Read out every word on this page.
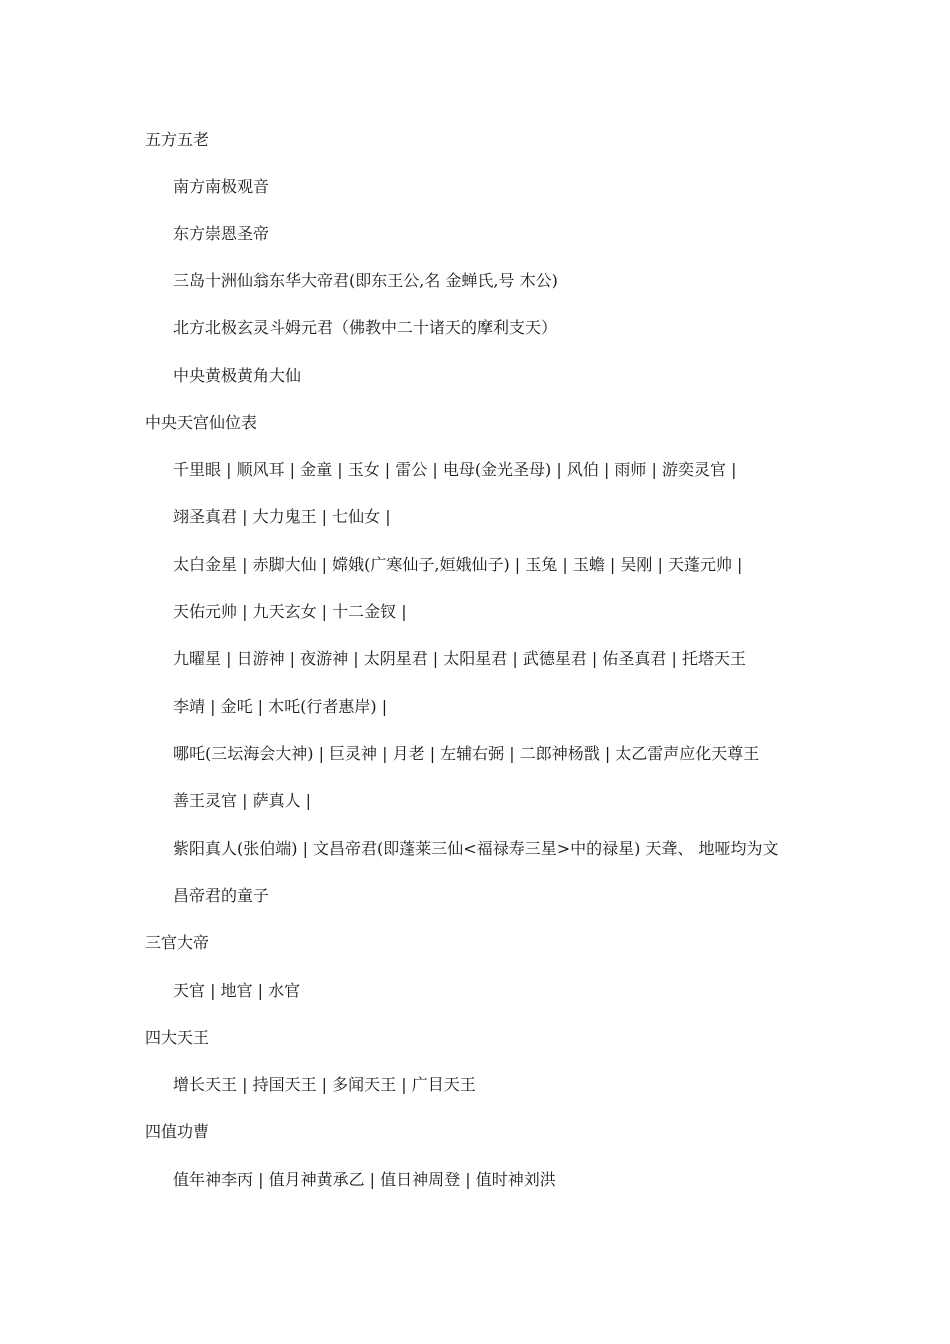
五方五老
南方南极观音
东方崇恩圣帝
三岛十洲仙翁东华大帝君(即东王公,名 金蝉氏,号 木公)
北方北极玄灵斗姆元君（佛教中二十诸天的摩利支天）
中央黄极黄角大仙
中央天宫仙位表
千里眼 | 顺风耳 | 金童 | 玉女 | 雷公 | 电母(金光圣母) | 风伯 | 雨师 | 游奕灵官 |
翊圣真君 | 大力鬼王 | 七仙女 |
太白金星 | 赤脚大仙 | 嫦娥(广寒仙子,姮娥仙子) | 玉兔 | 玉蟾 | 吴刚 | 天蓬元帅 |
天佑元帅 | 九天玄女 | 十二金钗 |
九曜星 | 日游神 | 夜游神 | 太阴星君 | 太阳星君 | 武德星君 | 佑圣真君 | 托塔天王
李靖 | 金吒 | 木吒(行者惠岸) |
哪吒(三坛海会大神) | 巨灵神 | 月老 | 左辅右弼 | 二郎神杨戬 | 太乙雷声应化天尊王
善王灵官 | 萨真人 |
紫阳真人(张伯端) | 文昌帝君(即蓬莱三仙<福禄寿三星>中的禄星) 天聋、 地哑均为文
昌帝君的童子
三官大帝
天官 | 地官 | 水官
四大天王
增长天王 | 持国天王 | 多闻天王 | 广目天王
四值功曹
值年神李丙 | 值月神黄承乙 | 值日神周登 | 值时神刘洪
